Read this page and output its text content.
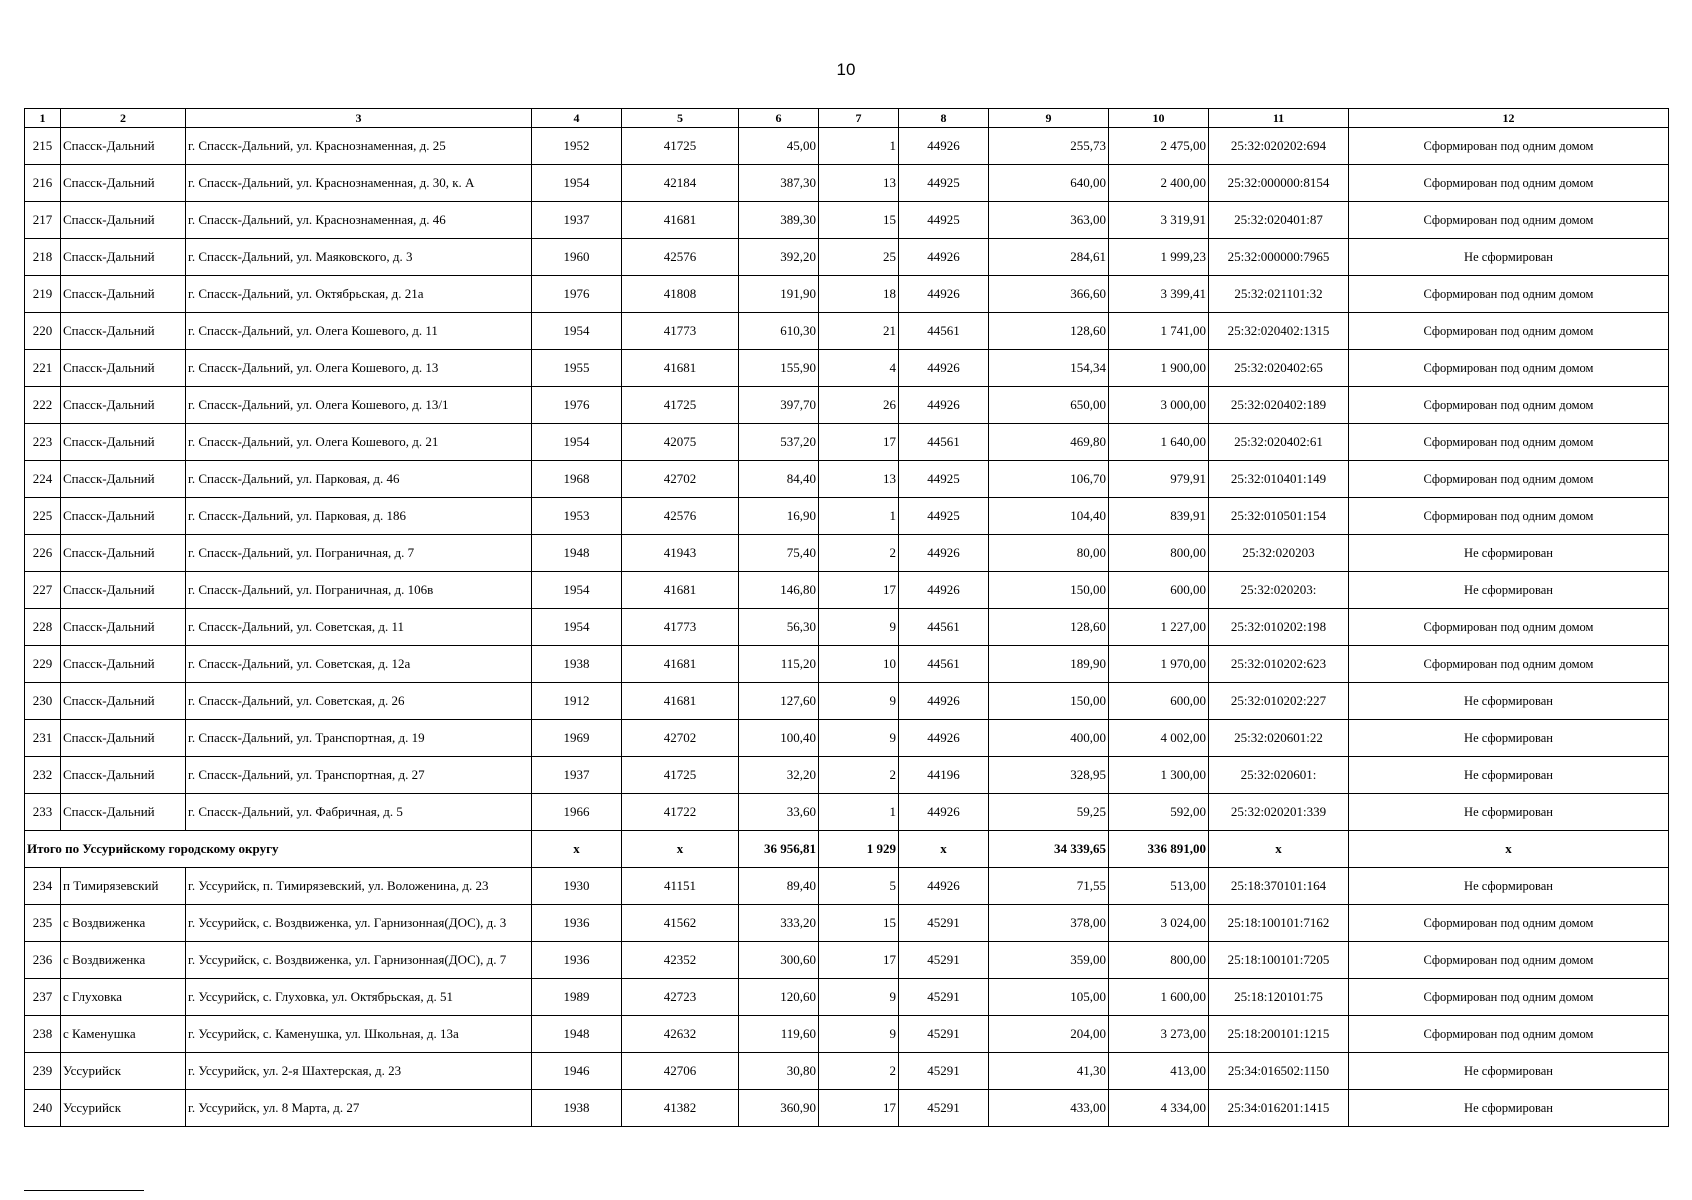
10
1	2	3	4	5	6	7	8	9	10	11	12
215	Спасск-Дальний	г. Спасск-Дальний, ул. Краснознаменная, д. 25	1952	41725	45,00	1	44926	255,73	2 475,00	25:32:020202:694	Сформирован под одним домом
216	Спасск-Дальний	г. Спасск-Дальний, ул. Краснознаменная, д. 30, к. А	1954	42184	387,30	13	44925	640,00	2 400,00	25:32:000000:8154	Сформирован под одним домом
217	Спасск-Дальний	г. Спасск-Дальний, ул. Краснознаменная, д. 46	1937	41681	389,30	15	44925	363,00	3 319,91	25:32:020401:87	Сформирован под одним домом
218	Спасск-Дальний	г. Спасск-Дальний, ул. Маяковского, д. 3	1960	42576	392,20	25	44926	284,61	1 999,23	25:32:000000:7965	Не сформирован
219	Спасск-Дальний	г. Спасск-Дальний, ул. Октябрьская, д. 21а	1976	41808	191,90	18	44926	366,60	3 399,41	25:32:021101:32	Сформирован под одним домом
220	Спасск-Дальний	г. Спасск-Дальний, ул. Олега Кошевого, д. 11	1954	41773	610,30	21	44561	128,60	1 741,00	25:32:020402:1315	Сформирован под одним домом
221	Спасск-Дальний	г. Спасск-Дальний, ул. Олега Кошевого, д. 13	1955	41681	155,90	4	44926	154,34	1 900,00	25:32:020402:65	Сформирован под одним домом
222	Спасск-Дальний	г. Спасск-Дальний, ул. Олега Кошевого, д. 13/1	1976	41725	397,70	26	44926	650,00	3 000,00	25:32:020402:189	Сформирован под одним домом
223	Спасск-Дальний	г. Спасск-Дальний, ул. Олега Кошевого, д. 21	1954	42075	537,20	17	44561	469,80	1 640,00	25:32:020402:61	Сформирован под одним домом
224	Спасск-Дальний	г. Спасск-Дальний, ул. Парковая, д. 46	1968	42702	84,40	13	44925	106,70	979,91	25:32:010401:149	Сформирован под одним домом
225	Спасск-Дальний	г. Спасск-Дальний, ул. Парковая, д. 186	1953	42576	16,90	1	44925	104,40	839,91	25:32:010501:154	Сформирован под одним домом
226	Спасск-Дальний	г. Спасск-Дальний, ул. Пограничная, д. 7	1948	41943	75,40	2	44926	80,00	800,00	25:32:020203	Не сформирован
227	Спасск-Дальний	г. Спасск-Дальний, ул. Пограничная, д. 106в	1954	41681	146,80	17	44926	150,00	600,00	25:32:020203:	Не сформирован
228	Спасск-Дальний	г. Спасск-Дальний, ул. Советская, д. 11	1954	41773	56,30	9	44561	128,60	1 227,00	25:32:010202:198	Сформирован под одним домом
229	Спасск-Дальний	г. Спасск-Дальний, ул. Советская, д. 12а	1938	41681	115,20	10	44561	189,90	1 970,00	25:32:010202:623	Сформирован под одним домом
230	Спасск-Дальний	г. Спасск-Дальний, ул. Советская, д. 26	1912	41681	127,60	9	44926	150,00	600,00	25:32:010202:227	Не сформирован
231	Спасск-Дальний	г. Спасск-Дальний, ул. Транспортная, д. 19	1969	42702	100,40	9	44926	400,00	4 002,00	25:32:020601:22	Не сформирован
232	Спасск-Дальний	г. Спасск-Дальний, ул. Транспортная, д. 27	1937	41725	32,20	2	44196	328,95	1 300,00	25:32:020601:	Не сформирован
233	Спасск-Дальний	г. Спасск-Дальний, ул. Фабричная, д. 5	1966	41722	33,60	1	44926	59,25	592,00	25:32:020201:339	Не сформирован
Итого по Уссурийскому городскому округу			x	x	36 956,81	1 929	x	34 339,65	336 891,00	x	x
234	п Тимирязевский	г. Уссурийск, п. Тимирязевский, ул. Воложенина, д. 23	1930	41151	89,40	5	44926	71,55	513,00	25:18:370101:164	Не сформирован
235	с Воздвиженка	г. Уссурийск, с. Воздвиженка, ул. Гарнизонная(ДОС), д. 3	1936	41562	333,20	15	45291	378,00	3 024,00	25:18:100101:7162	Сформирован под одним домом
236	с Воздвиженка	г. Уссурийск, с. Воздвиженка, ул. Гарнизонная(ДОС), д. 7	1936	42352	300,60	17	45291	359,00	800,00	25:18:100101:7205	Сформирован под одним домом
237	с Глуховка	г. Уссурийск, с. Глуховка, ул. Октябрьская, д. 51	1989	42723	120,60	9	45291	105,00	1 600,00	25:18:120101:75	Сформирован под одним домом
238	с Каменушка	г. Уссурийск, с. Каменушка, ул. Школьная, д. 13а	1948	42632	119,60	9	45291	204,00	3 273,00	25:18:200101:1215	Сформирован под одним домом
239	Уссурийск	г. Уссурийск, ул. 2-я Шахтерская, д. 23	1946	42706	30,80	2	45291	41,30	413,00	25:34:016502:1150	Не сформирован
240	Уссурийск	г. Уссурийск, ул. 8 Марта, д. 27	1938	41382	360,90	17	45291	433,00	4 334,00	25:34:016201:1415	Не сформирован
